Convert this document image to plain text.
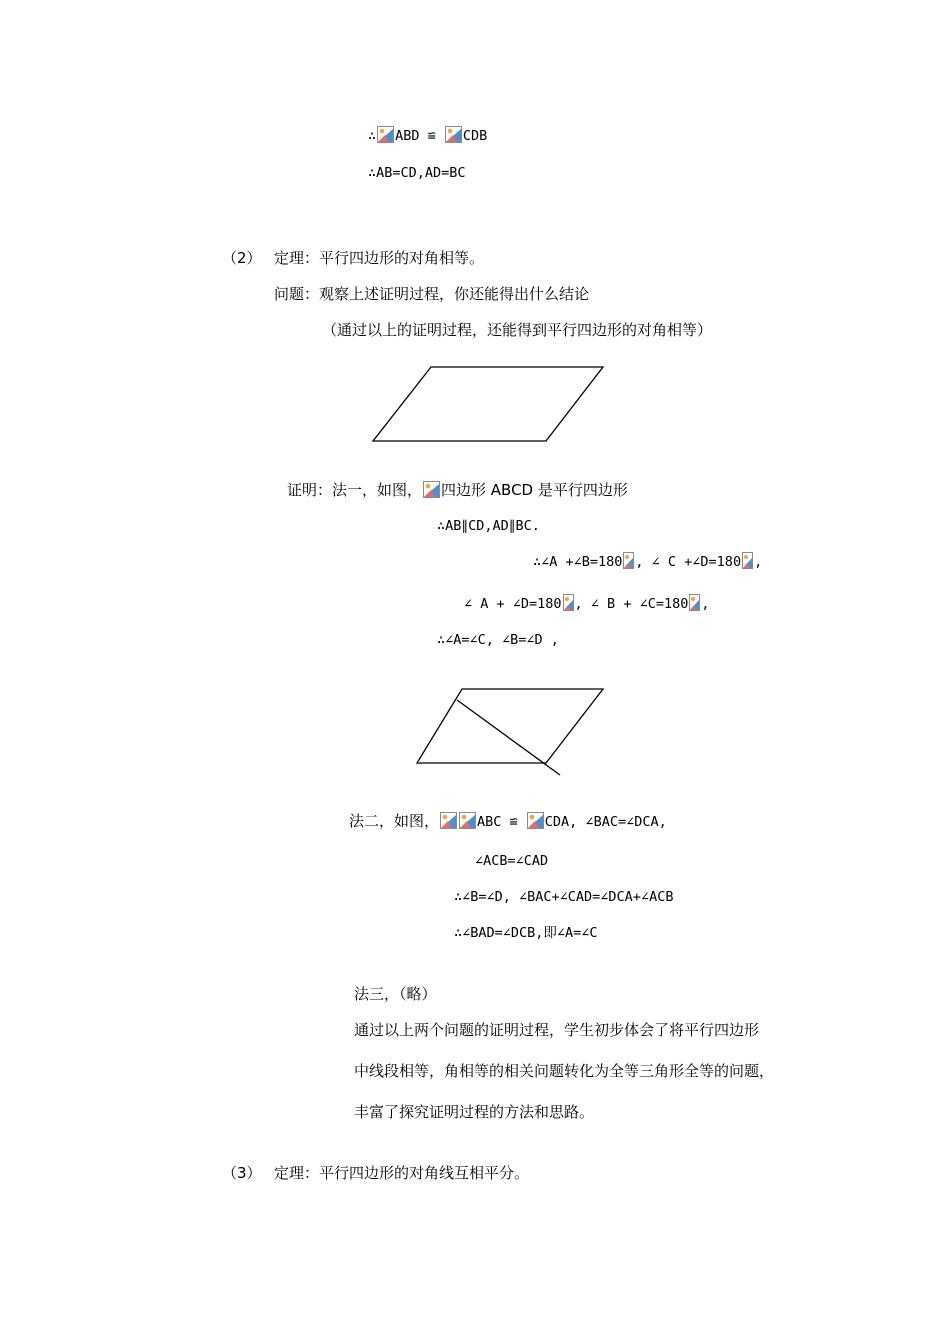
∴ ABD ≌ CDB
∴AB=CD,AD=BC
（2） 定理：平行四边形的对角相等。
问题：观察上述证明过程，你还能得出什么结论
（通过以上的证明过程，还能得到平行四边形的对角相等）
证明：法一，如图， 四边形 ABCD 是平行四边形
∴AB∥CD,AD∥BC.
∴∠A +∠B=180 , ∠ C +∠D=180 ,
∠ A + ∠D=180 , ∠ B + ∠C=180 ,
∴∠A=∠C, ∠B=∠D ,
法二，如图，	ABC ≌ CDA, ∠BAC=∠DCA,
∠ACB=∠CAD
∴∠B=∠D, ∠BAC+∠CAD=∠DCA+∠ACB
∴∠BAD=∠DCB,即∠A=∠C
法三，（略）
通过以上两个问题的证明过程，学生初步体会了将平行四边形
中线段相等，角相等的相关问题转化为全等三角形全等的问题，
丰富了探究证明过程的方法和思路。
（3） 定理：平行四边形的对角线互相平分。
